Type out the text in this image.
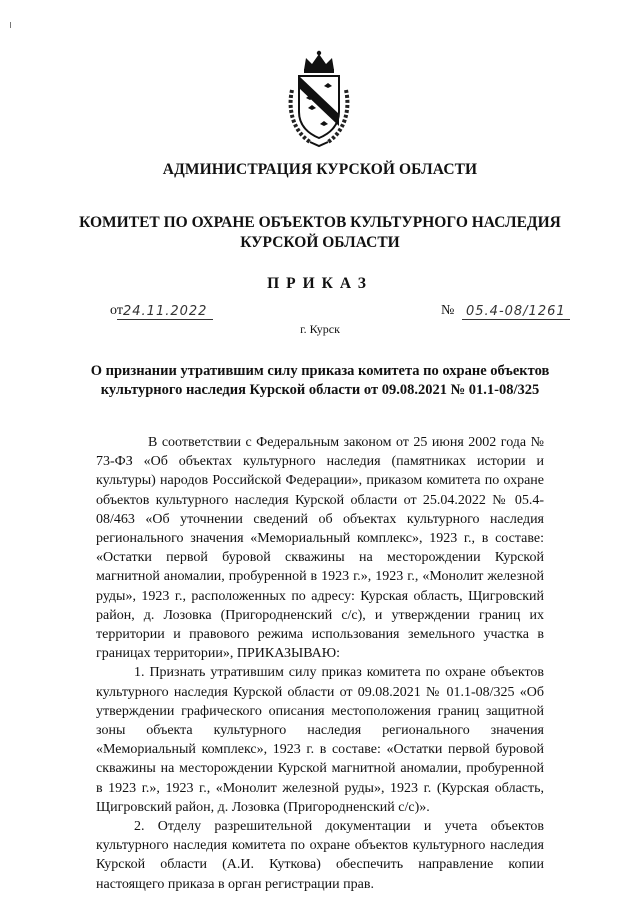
АДМИНИСТРАЦИЯ КУРСКОЙ ОБЛАСТИ
КОМИТЕТ ПО ОХРАНЕ ОБЪЕКТОВ КУЛЬТУРНОГО НАСЛЕДИЯ
КУРСКОЙ ОБЛАСТИ
ПРИКАЗ
от 24.11.2022	№ 05.4-08/1261
г. Курск
О признании утратившим силу приказа комитета по охране объектов
культурного наследия Курской области от 09.08.2021 № 01.1-08/325

В соответствии с Федеральным законом от 25 июня 2002 года № 73-ФЗ «Об объектах культурного наследия (памятниках истории и культуры) народов Российской Федерации», приказом комитета по охране объектов культурного наследия Курской области от 25.04.2022 № 05.4-08/463 «Об уточнении сведений об объектах культурного наследия регионального значения «Мемориальный комплекс», 1923 г., в составе: «Остатки первой буровой скважины на месторождении Курской магнитной аномалии, пробуренной в 1923 г.», 1923 г., «Монолит железной руды», 1923 г., расположенных по адресу: Курская область, Щигровский район, д. Лозовка (Пригородненский с/с), и утверждении границ их территории и правового режима использования земельного участка в границах территории», ПРИКАЗЫВАЮ:

1. Признать утратившим силу приказ комитета по охране объектов культурного наследия Курской области от 09.08.2021 № 01.1-08/325 «Об утверждении графического описания местоположения границ защитной зоны объекта культурного наследия регионального значения «Мемориальный комплекс», 1923 г. в составе: «Остатки первой буровой скважины на месторождении Курской магнитной аномалии, пробуренной в 1923 г.», 1923 г., «Монолит железной руды», 1923 г. (Курская область, Щигровский район, д. Лозовка (Пригородненский с/с)».

2. Отделу разрешительной документации и учета объектов культурного наследия комитета по охране объектов культурного наследия Курской области (А.И. Куткова) обеспечить направление копии настоящего приказа в орган регистрации прав.
